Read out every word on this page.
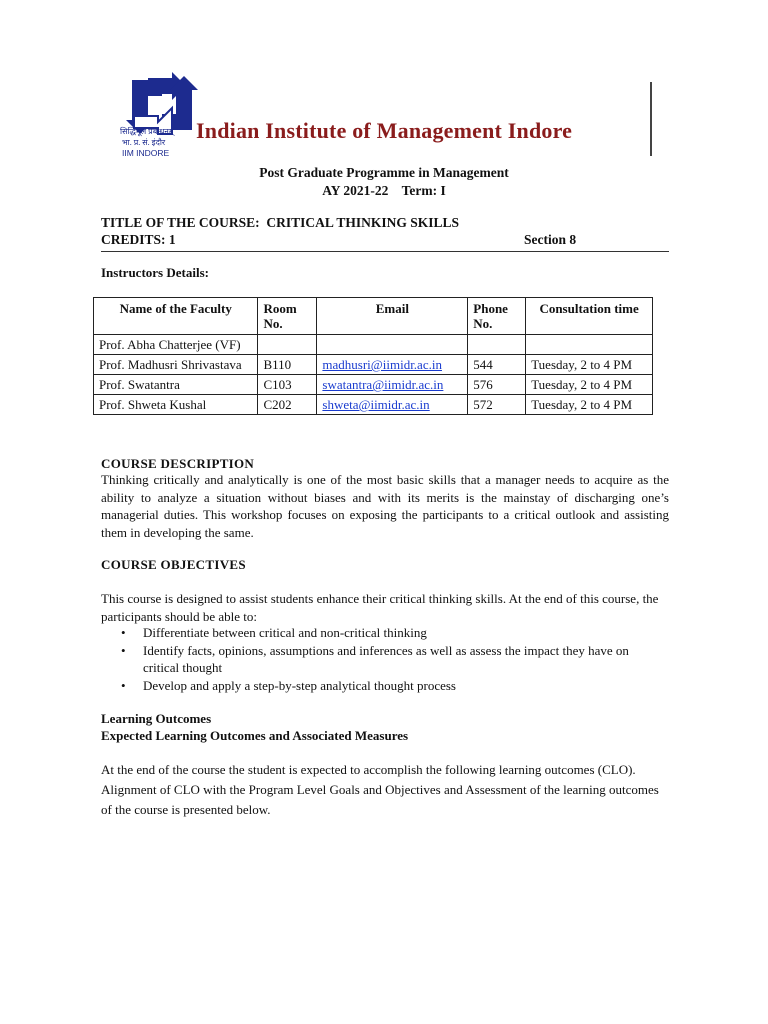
सिद्धिमूलं प्रबन्धनम्
भा. प्र. सं. इंदौर
IIM INDORE
Indian Institute of Management Indore
Post Graduate Programme in Management
AY 2021-22    Term: I
TITLE OF THE COURSE:  CRITICAL THINKING SKILLS
CREDITS: 1	Section 8
Instructors Details:
Name of the Faculty	Room No.	Email	Phone No.	Consultation time
Prof. Abha Chatterjee (VF)				
Prof. Madhusri Shrivastava	B110	madhusri@iimidr.ac.in	544	Tuesday, 2 to 4 PM
Prof. Swatantra	C103	swatantra@iimidr.ac.in	576	Tuesday, 2 to 4 PM
Prof. Shweta Kushal	C202	shweta@iimidr.ac.in	572	Tuesday, 2 to 4 PM
COURSE DESCRIPTION
Thinking critically and analytically is one of the most basic skills that a manager needs to acquire as the ability to analyze a situation without biases and with its merits is the mainstay of discharging one’s managerial duties. This workshop focuses on exposing the participants to a critical outlook and assisting them in developing the same.
COURSE OBJECTIVES
This course is designed to assist students enhance their critical thinking skills. At the end of this course, the participants should be able to:
• Differentiate between critical and non-critical thinking
• Identify facts, opinions, assumptions and inferences as well as assess the impact they have on critical thought
• Develop and apply a step-by-step analytical thought process
Learning Outcomes
Expected Learning Outcomes and Associated Measures
At the end of the course the student is expected to accomplish the following learning outcomes (CLO). Alignment of CLO with the Program Level Goals and Objectives and Assessment of the learning outcomes of the course is presented below.
